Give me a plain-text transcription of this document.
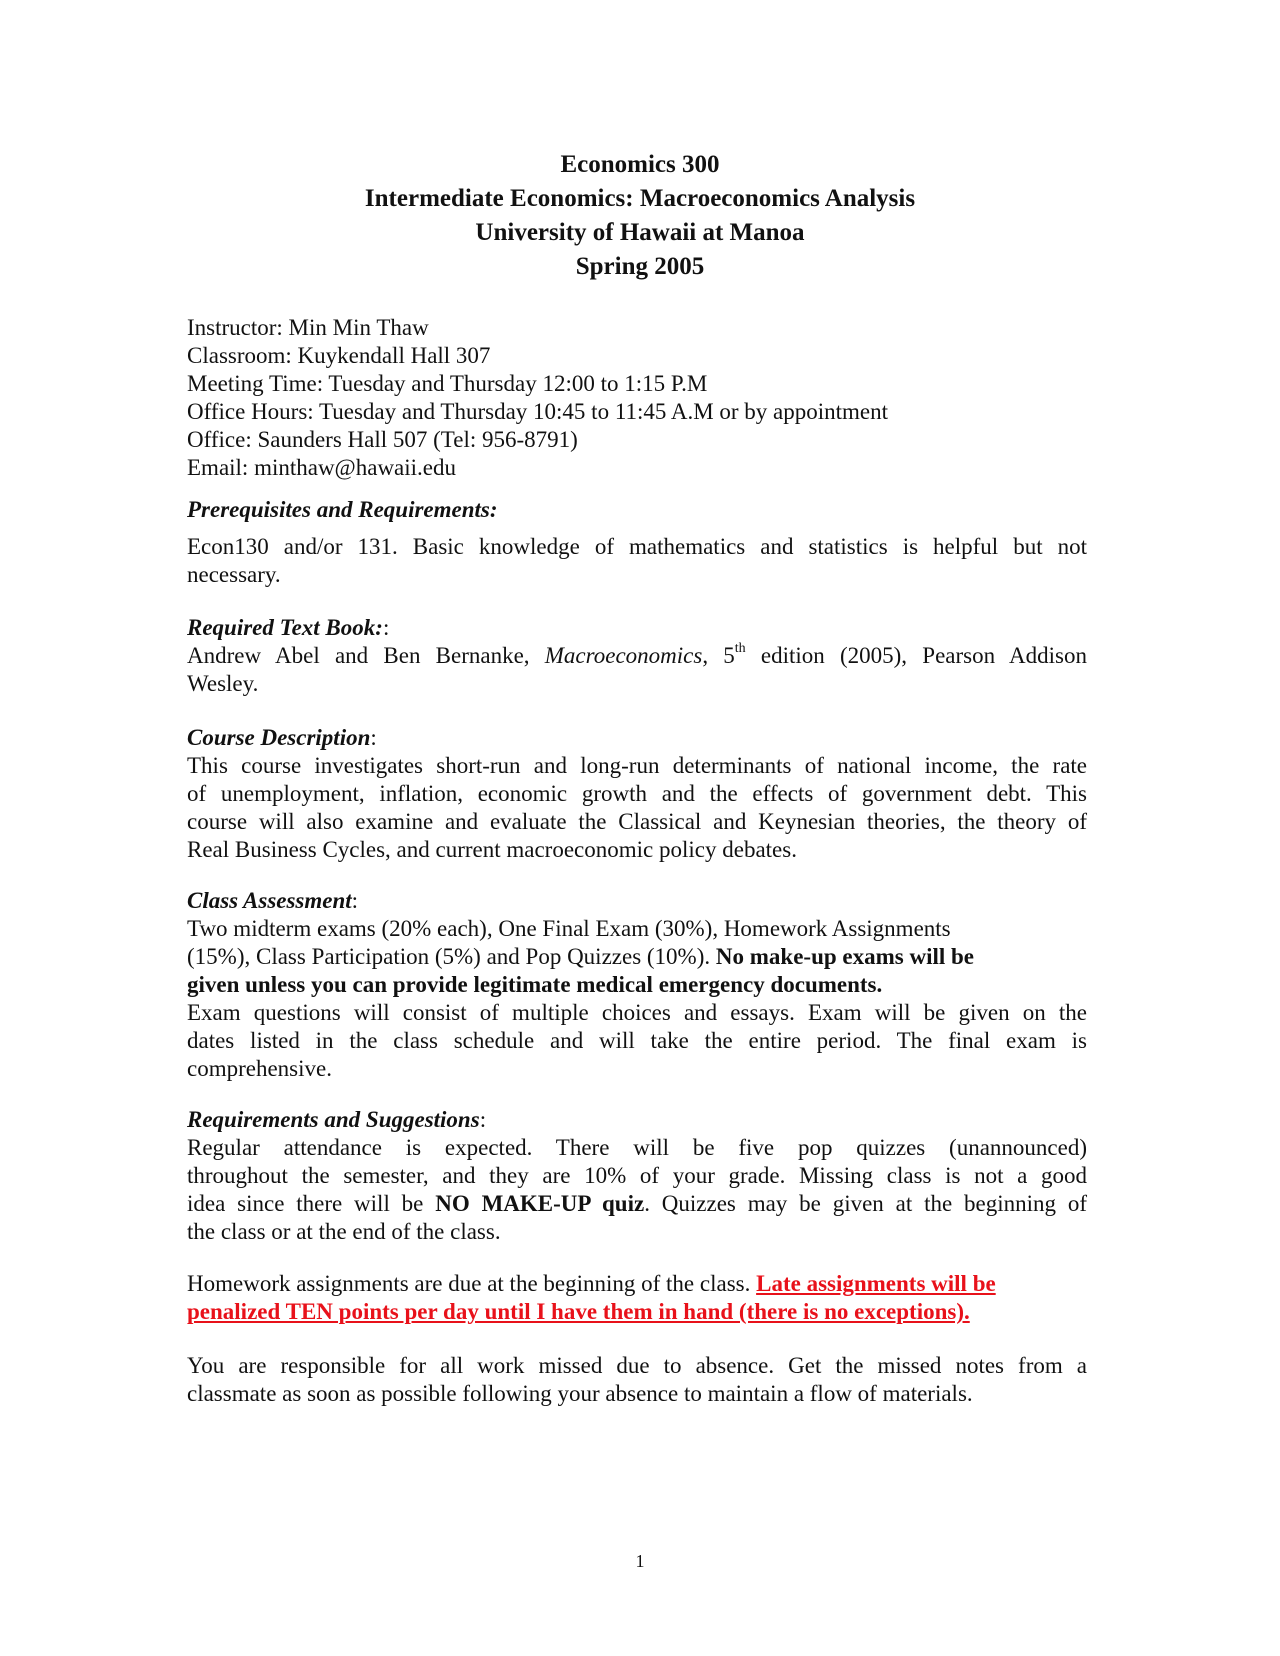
Economics 300
Intermediate Economics: Macroeconomics Analysis
University of Hawaii at Manoa
Spring 2005
Instructor: Min Min Thaw
Classroom: Kuykendall Hall 307
Meeting Time: Tuesday and Thursday 12:00 to 1:15 P.M
Office Hours: Tuesday and Thursday 10:45 to 11:45 A.M or by appointment
Office: Saunders Hall 507 (Tel: 956-8791)
Email: minthaw@hawaii.edu
Prerequisites and Requirements:
Econ130 and/or 131. Basic knowledge of mathematics and statistics is helpful but not
necessary.
Required Text Book::
Andrew Abel and Ben Bernanke, Macroeconomics, 5th edition (2005), Pearson Addison
Wesley.
Course Description:
This course investigates short-run and long-run determinants of national income, the rate
of unemployment, inflation, economic growth and the effects of government debt. This
course will also examine and evaluate the Classical and Keynesian theories, the theory of
Real Business Cycles, and current macroeconomic policy debates.
Class Assessment:
Two midterm exams (20% each), One Final Exam (30%), Homework Assignments
(15%), Class Participation (5%) and Pop Quizzes (10%). No make-up exams will be
given unless you can provide legitimate medical emergency documents.
Exam questions will consist of multiple choices and essays. Exam will be given on the
dates listed in the class schedule and will take the entire period. The final exam is
comprehensive.
Requirements and Suggestions:
Regular attendance is expected. There will be five pop quizzes (unannounced)
throughout the semester, and they are 10% of your grade. Missing class is not a good
idea since there will be NO MAKE-UP quiz. Quizzes may be given at the beginning of
the class or at the end of the class.
Homework assignments are due at the beginning of the class. Late assignments will be
penalized TEN points per day until I have them in hand (there is no exceptions).
You are responsible for all work missed due to absence. Get the missed notes from a
classmate as soon as possible following your absence to maintain a flow of materials.
1
